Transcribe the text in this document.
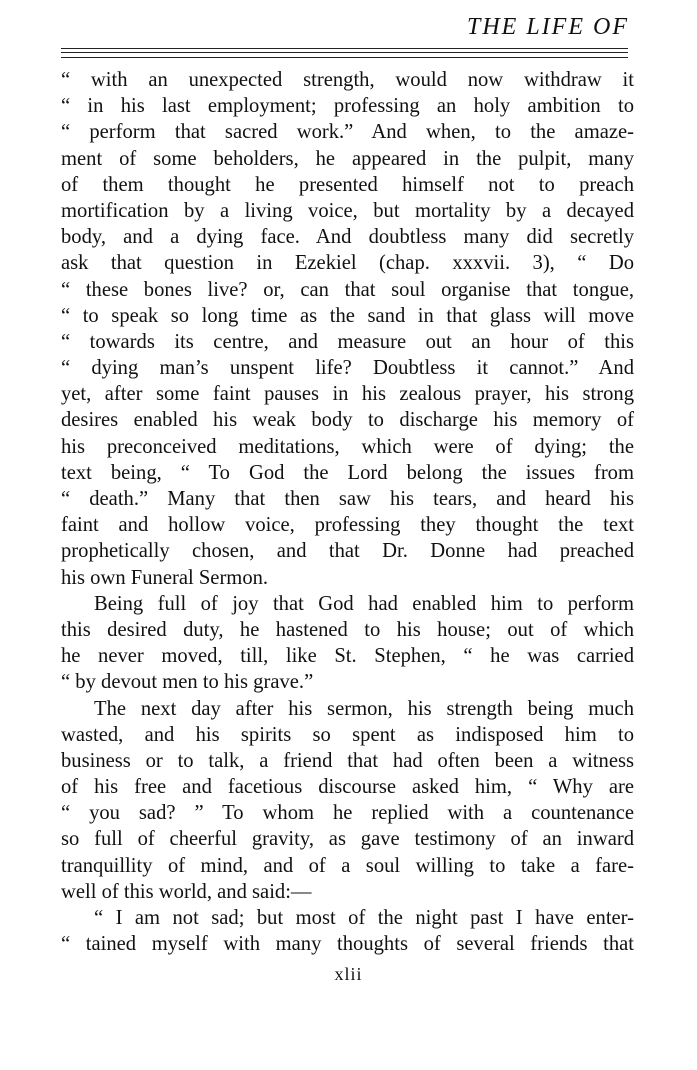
THE LIFE OF
“ with an unexpected strength, would now withdraw it
“ in his last employment; professing an holy ambition to
“ perform that sacred work.” And when, to the amaze-
ment of some beholders, he appeared in the pulpit, many
of them thought he presented himself not to preach
mortification by a living voice, but mortality by a decayed
body, and a dying face. And doubtless many did secretly
ask that question in Ezekiel (chap. xxxvii. 3), “ Do
“ these bones live? or, can that soul organise that tongue,
“ to speak so long time as the sand in that glass will move
“ towards its centre, and measure out an hour of this
“ dying man’s unspent life? Doubtless it cannot.” And
yet, after some faint pauses in his zealous prayer, his strong
desires enabled his weak body to discharge his memory of
his preconceived meditations, which were of dying; the
text being, “ To God the Lord belong the issues from
“ death.” Many that then saw his tears, and heard his
faint and hollow voice, professing they thought the text
prophetically chosen, and that Dr. Donne had preached
his own Funeral Sermon.
Being full of joy that God had enabled him to perform
this desired duty, he hastened to his house; out of which
he never moved, till, like St. Stephen, “ he was carried
“ by devout men to his grave.”
The next day after his sermon, his strength being much
wasted, and his spirits so spent as indisposed him to
business or to talk, a friend that had often been a witness
of his free and facetious discourse asked him, “ Why are
“ you sad? ” To whom he replied with a countenance
so full of cheerful gravity, as gave testimony of an inward
tranquillity of mind, and of a soul willing to take a fare-
well of this world, and said:—
“ I am not sad; but most of the night past I have enter-
“ tained myself with many thoughts of several friends that
xlii
